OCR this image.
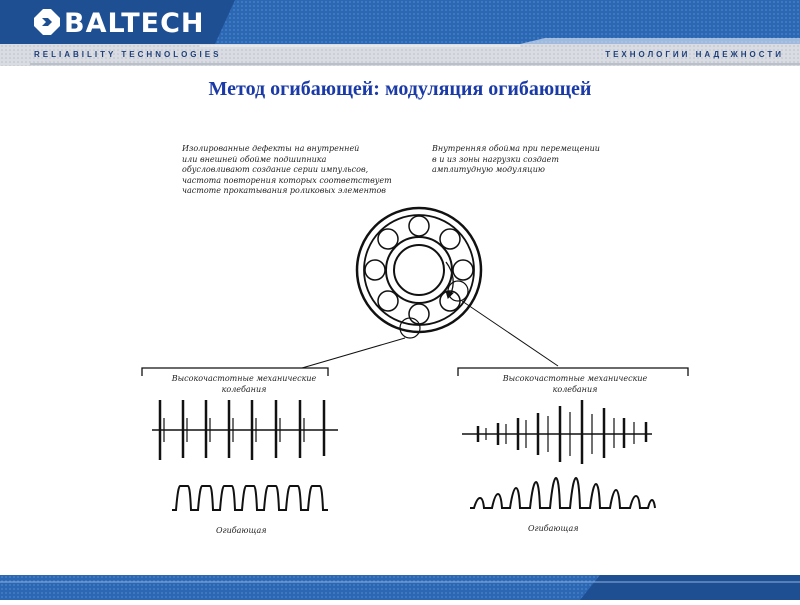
BALTECH
RELIABILITY TECHNOLOGIES	ТЕХНОЛОГИИ НАДЕЖНОСТИ
Метод огибающей: модуляция огибающей
Изолированные дефекты на внутренней
или внешней обойме подшипника
обусловливают создание серии импульсов,
частота повторения которых соответствует
частоте прокатывания роликовых элементов
Внутренняя обойма при перемещении
в и из зоны нагрузки создает
амплитудную модуляцию
Высокочастотные механические
колебания
Высокочастотные механические
колебания
Огибающая	Огибающая
